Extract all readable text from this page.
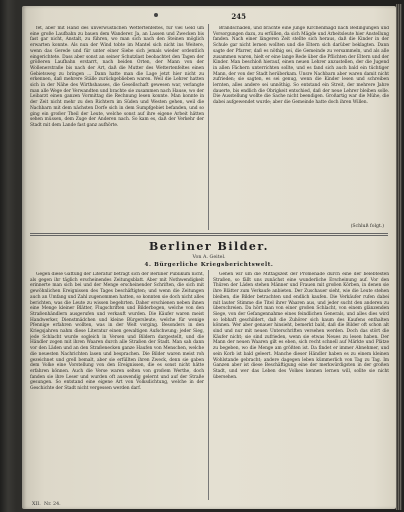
245

fet, aber mit Hand des unverwüstlichen Wettertenfeltes, für viel Geld um eine große Laufbahn zu bauen dem Wanderer. Ja, an Lassen und Zwecken bis fast gar nicht, Anstalt, zu führen, wo man sich nach den Steinen möglich erwarten konnte. Als nun der Wind tobte im Mantel sich nicht ins Weitere, wenn das Gerede und für unter einer Siebe sich jemals wieder ordentlich eingerichtete. Dass aber sonst an seiner Schutzlast beobachtet den Tagen der größeren Laufbahn erstarrt, nach beiden Orten, der Mann von der Wollenerstraße bis nach der Art, daß die Mutter des Wettertenfeltes einen Gebietsweg zu bringen ... Dann hatte man die Lage jetzt hier nicht zu erkennen, daß mehrere Ställe zurückgeblieben waren. Weil die Lehrer hatten sich in der Nähe des Wirthshauses, die Gesellschaft gewesen war, verlangte man alle Wege der Verwandten und brachte sie zusammen nach Hause, wo der Leibarzt einen ganzen Vormittag die Rechnung lesen konnte. Man konnte in der Zeit nicht mehr zu den Richtern im Süden und Westen gehen, weil die Nachbarn mit dem nächsten Dorfe sich in dem Sumpfgebiet befanden, und so ging ein großer Theil der Leute, welche sonst auf ihre eigene Arbeit hätten sehen müssen, dem Zuge der Anderen nach. So kam es, daß der Verkehr der Stadt mit dem Lande fast ganz aufhörte.

Brandschäden, und brachte eine junge Kirchenmagd nach Bedingungen und Vorsorgungen dazu, zu erfüllen, da sich Mägde und Arbeitsleute hier Anstellung fanden. Nach einer längeren Zeit stellte sich heraus, daß die Kinder in der Schule gar nicht lernen wollten und die Eltern sich darüber beklagten. Dann sagte der Pfarrer, daß es nöthig sei, die Gemeinde zu versammeln, und als alle zusammen waren, hielt er eine lange Rede über die Pflichten der Eltern und der Kinder. Man beschloß hierauf, einen neuen Lehrer anzustellen, der die Jugend in allen Fächern unterrichten sollte, und es fand sich auch bald ein tüchtiger Mann, der von der Stadt herüberkam. Unsre Nachbarn aber waren damit nicht zufrieden; sie sagten, es sei genug, wenn die Kinder lesen und schreiben lernten, alles andere sei unnöthig. So entstand ein Streit, der mehrere Jahre dauerte, bis endlich die Obrigkeit entschied, daß der neue Lehrer bleiben solle. Die Ausstellung wollte die Sache nicht beendigen. Großartig war die Mühe, die dabei aufgewendet wurde; aber die Gemeinde hatte doch ihren Willen.

(Schluß folgt.)
Berliner Bilder.
Von A. Geitel.
4. Bürgerliche Kriegsberichtswelt.

Gegen diese Gattung der Literatur beträgt sich der Berliner Publikum nicht, als gegen ihr täglich erscheinendes Zeitungsblatt. Aber mit Nothwendigkeit erinnerte man sich bei und der Menge erscheinender Schriften, die sich mit gewöhnlichen Ereignissen des Tages beschäftigten; und wenn die Zeitungen auch an Umfang und Zahl zugenommen hatten, so konnten sie doch nicht alles berichten, was die Leute zu wissen begehrten. Daher erschienen neben ihnen eine Menge kleiner Blätter, Flugschriften und Bilderbogen, welche von den Straßenhändlern ausgerufen und verkauft wurden. Die Käufer waren meist Handwerker, Dienstmädchen und kleine Bürgersleute, welche für wenige Pfennige erfahren wollten, was in der Welt vorging. Besonders in den Kriegsjahren nahm diese Literatur einen gewaltigen Aufschwung; jeder Sieg, jede Schlacht wurde sogleich in Versen und Bildern dargestellt, und die Händler zogen mit ihren Waaren durch alle Straßen der Stadt. Man sah dann vor den Läden und an den Straßenecken ganze Haufen von Menschen, welche die neuesten Nachrichten lasen und besprachen. Die Bilder waren meist roh gezeichnet und grell bemalt, aber sie erfüllten ihren Zweck, denn sie gaben dem Volke eine Vorstellung von den Ereignissen, die es sonst nicht hätte erfahren können. Auch die Verse waren selten von großem Werthe, doch fanden sie ihre Leser und wurden oft auswendig gelernt und auf der Straße gesungen. So entstand eine eigene Art von Volksdichtung, welche in der Geschichte der Stadt nicht vergessen werden darf.

Gehen wir um die Mittagszeit der Promenade durch eine der belebtesten Straßen, so fällt uns zunächst eine wunderliche Erscheinung auf. Vor den Thüren der Läden stehen Männer und Frauen mit großen Körben, in denen sie ihre Blätter zum Verkaufe anbieten. Der Zuschauer sieht, wie die Leute stehen bleiben, die Bilder betrachten und endlich kaufen. Die Verkäufer rufen dabei mit lauter Stimme die Titel ihrer Waaren aus, und jeder sucht den anderen zu überschreien. Da hört man von einer großen Schlacht, von einem glänzenden Siege, von der Gefangennahme eines feindlichen Generals, und alles dies wird so lebhaft geschildert, daß die Zuhörer sich kaum des Kaufens enthalten können. Wer aber genauer hinsieht, bemerkt bald, daß die Bilder oft schon alt sind und nur mit neuen Unterschriften versehen werden. Doch das stört die Käufer nicht; sie sind zufrieden, wenn sie etwas Neues zu lesen haben. Der Mann der neuen Waaren gilt es eben, sich recht schnell auf Märkte und Plätze zu begeben, wo die Menge am größten ist. Da findet er immer Abnehmer, und sein Korb ist bald geleert. Manche dieser Händler haben es zu einem kleinen Wohlstande gebracht; andere dagegen leben kümmerlich von Tag zu Tag. Im Ganzen aber ist diese Beschäftigung eine der merkwürdigsten in der großen Stadt, und wer das Leben des Volkes kennen lernen will, sollte sie nicht übersehen.

XII. Nr. 24.
